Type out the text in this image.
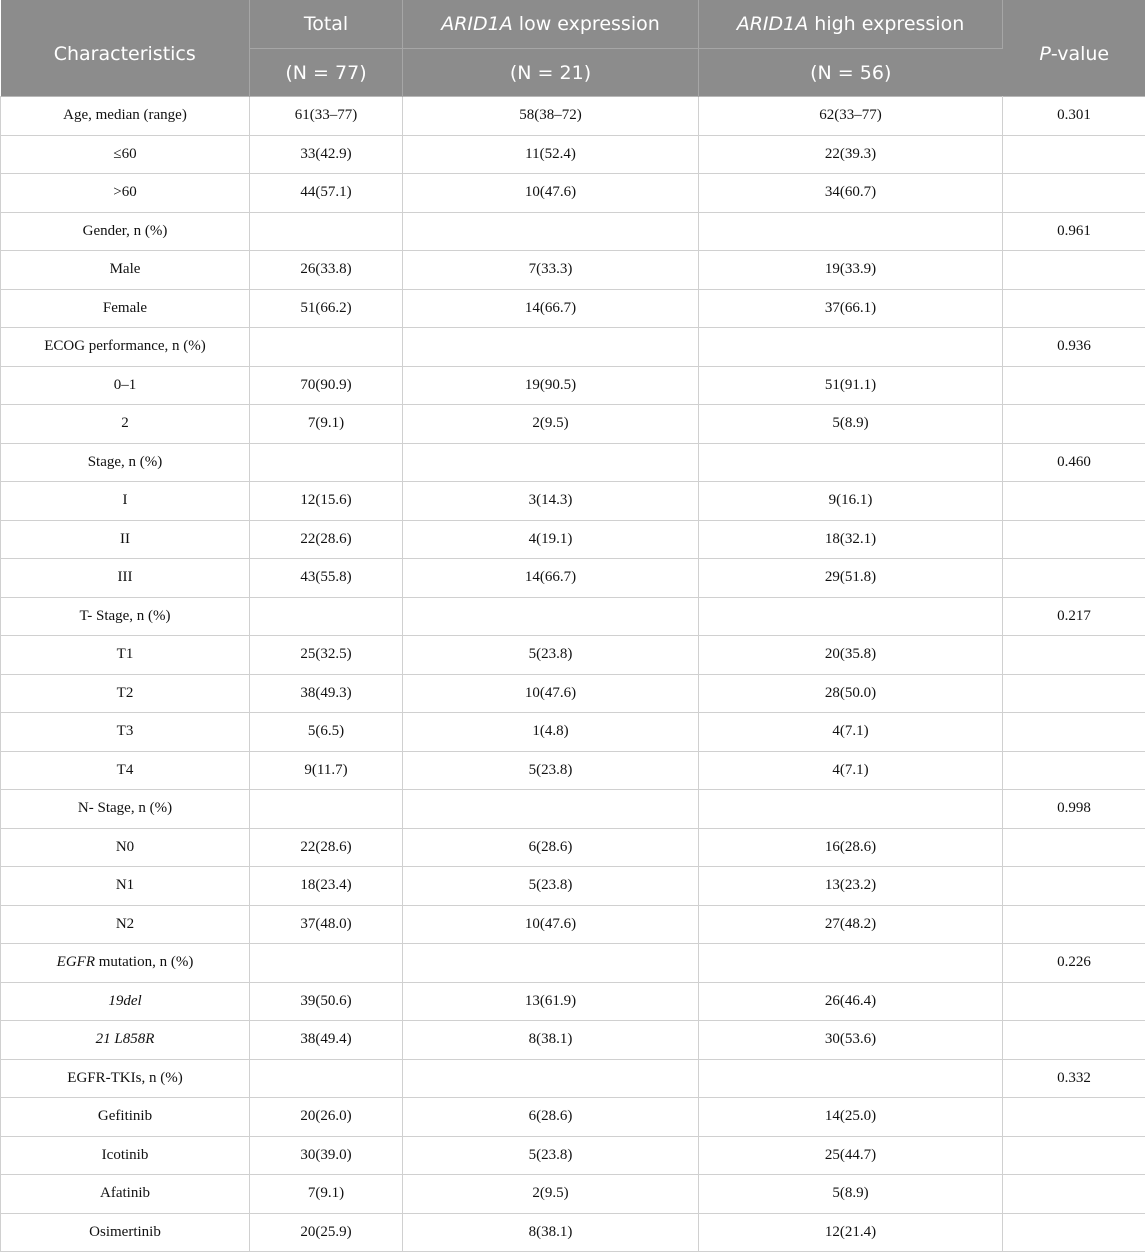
Characteristics	Total	ARID1A low expression	ARID1A high expression	P-value
	(N = 77)	(N = 21)	(N = 56)	
Age, median (range)	61(33–77)	58(38–72)	62(33–77)	0.301
≤60	33(42.9)	11(52.4)	22(39.3)	
>60	44(57.1)	10(47.6)	34(60.7)	
Gender, n (%)				0.961
Male	26(33.8)	7(33.3)	19(33.9)	
Female	51(66.2)	14(66.7)	37(66.1)	
ECOG performance, n (%)				0.936
0–1	70(90.9)	19(90.5)	51(91.1)	
2	7(9.1)	2(9.5)	5(8.9)	
Stage, n (%)				0.460
I	12(15.6)	3(14.3)	9(16.1)	
II	22(28.6)	4(19.1)	18(32.1)	
III	43(55.8)	14(66.7)	29(51.8)	
T- Stage, n (%)				0.217
T1	25(32.5)	5(23.8)	20(35.8)	
T2	38(49.3)	10(47.6)	28(50.0)	
T3	5(6.5)	1(4.8)	4(7.1)	
T4	9(11.7)	5(23.8)	4(7.1)	
N- Stage, n (%)				0.998
N0	22(28.6)	6(28.6)	16(28.6)	
N1	18(23.4)	5(23.8)	13(23.2)	
N2	37(48.0)	10(47.6)	27(48.2)	
EGFR mutation, n (%)				0.226
19del	39(50.6)	13(61.9)	26(46.4)	
21 L858R	38(49.4)	8(38.1)	30(53.6)	
EGFR-TKIs, n (%)				0.332
Gefitinib	20(26.0)	6(28.6)	14(25.0)	
Icotinib	30(39.0)	5(23.8)	25(44.7)	
Afatinib	7(9.1)	2(9.5)	5(8.9)	
Osimertinib	20(25.9)	8(38.1)	12(21.4)	
